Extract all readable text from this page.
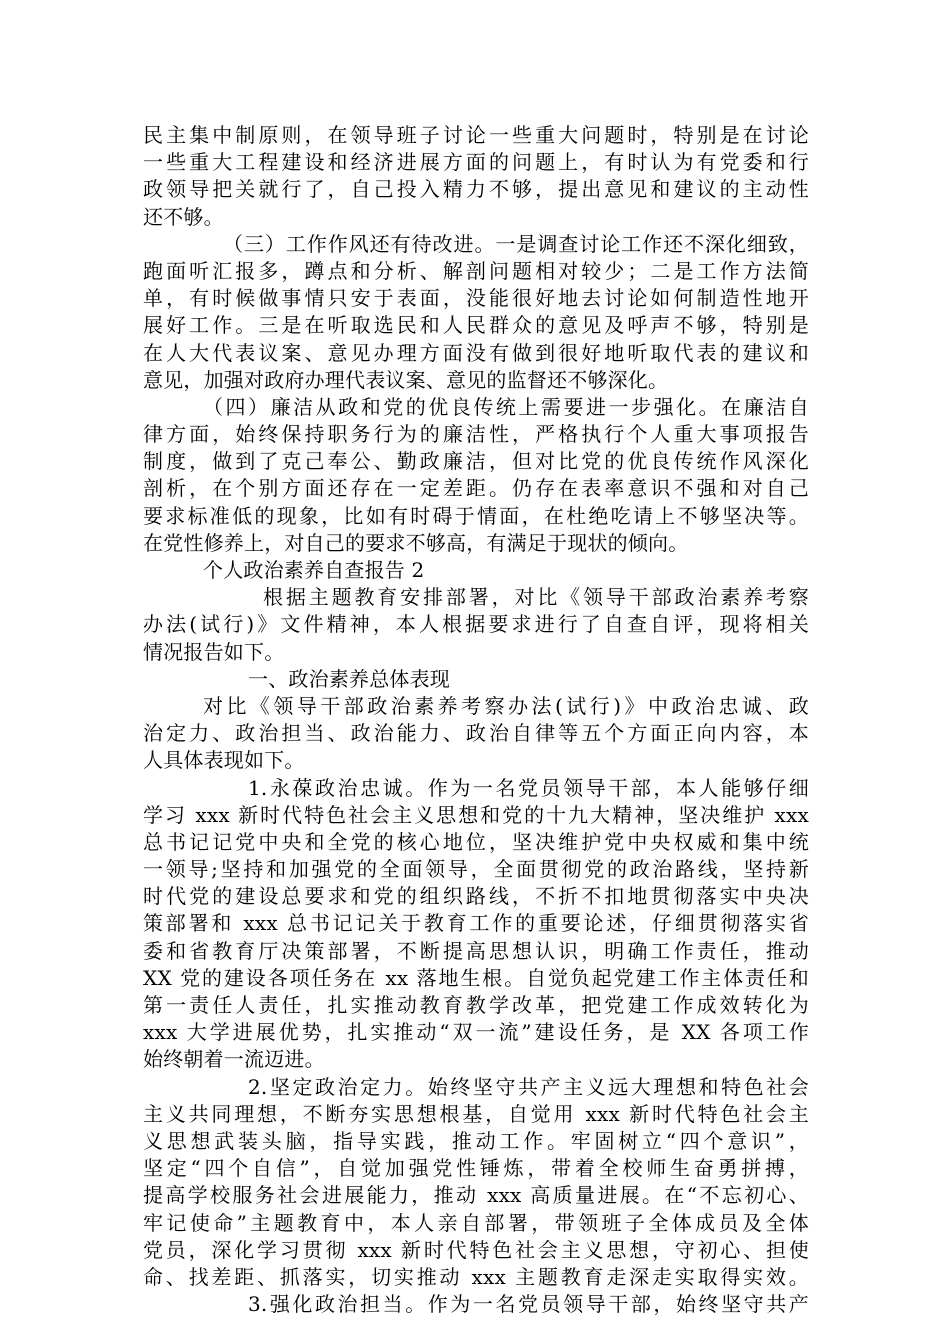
民主集中制原则，在领导班子讨论一些重大问题时，特别是在讨论
一些重大工程建设和经济进展方面的问题上，有时认为有党委和行
政领导把关就行了，自己投入精力不够，提出意见和建议的主动性
还不够。
（三）工作作风还有待改进。一是调查讨论工作还不深化细致，
跑面听汇报多，蹲点和分析、解剖问题相对较少；二是工作方法简
单，有时候做事情只安于表面，没能很好地去讨论如何制造性地开
展好工作。三是在听取选民和人民群众的意见及呼声不够，特别是
在人大代表议案、意见办理方面没有做到很好地听取代表的建议和
意见，加强对政府办理代表议案、意见的监督还不够深化。
（四）廉洁从政和党的优良传统上需要进一步强化。在廉洁自
律方面，始终保持职务行为的廉洁性，严格执行个人重大事项报告
制度，做到了克己奉公、勤政廉洁，但对比党的优良传统作风深化
剖析，在个别方面还存在一定差距。仍存在表率意识不强和对自己
要求标准低的现象，比如有时碍于情面，在杜绝吃请上不够坚决等。
在党性修养上，对自己的要求不够高，有满足于现状的倾向。
个人政治素养自查报告 2
根据主题教育安排部署，对比《领导干部政治素养考察
办法(试行)》文件精神，本人根据要求进行了自查自评，现将相关
情况报告如下。
一、政治素养总体表现
对比《领导干部政治素养考察办法(试行)》中政治忠诚、政
治定力、政治担当、政治能力、政治自律等五个方面正向内容，本
人具体表现如下。
1.永葆政治忠诚。作为一名党员领导干部，本人能够仔细
学习 xxx 新时代特色社会主义思想和党的十九大精神，坚决维护 xxx
总书记记党中央和全党的核心地位，坚决维护党中央权威和集中统
一领导;坚持和加强党的全面领导，全面贯彻党的政治路线，坚持新
时代党的建设总要求和党的组织路线，不折不扣地贯彻落实中央决
策部署和 xxx 总书记记关于教育工作的重要论述，仔细贯彻落实省
委和省教育厅决策部署，不断提高思想认识，明确工作责任，推动
XX 党的建设各项任务在 xx 落地生根。自觉负起党建工作主体责任和
第一责任人责任，扎实推动教育教学改革，把党建工作成效转化为
xxx 大学进展优势，扎实推动“双一流”建设任务，是 XX 各项工作
始终朝着一流迈进。
2.坚定政治定力。始终坚守共产主义远大理想和特色社会
主义共同理想，不断夯实思想根基，自觉用 xxx 新时代特色社会主
义思想武装头脑，指导实践，推动工作。牢固树立“四个意识”，
坚定“四个自信”，自觉加强党性锤炼，带着全校师生奋勇拼搏，
提高学校服务社会进展能力，推动 xxx 高质量进展。在“不忘初心、
牢记使命”主题教育中，本人亲自部署，带领班子全体成员及全体
党员，深化学习贯彻 xxx 新时代特色社会主义思想，守初心、担使
命、找差距、抓落实，切实推动 xxx 主题教育走深走实取得实效。
3.强化政治担当。作为一名党员领导干部，始终坚守共产
